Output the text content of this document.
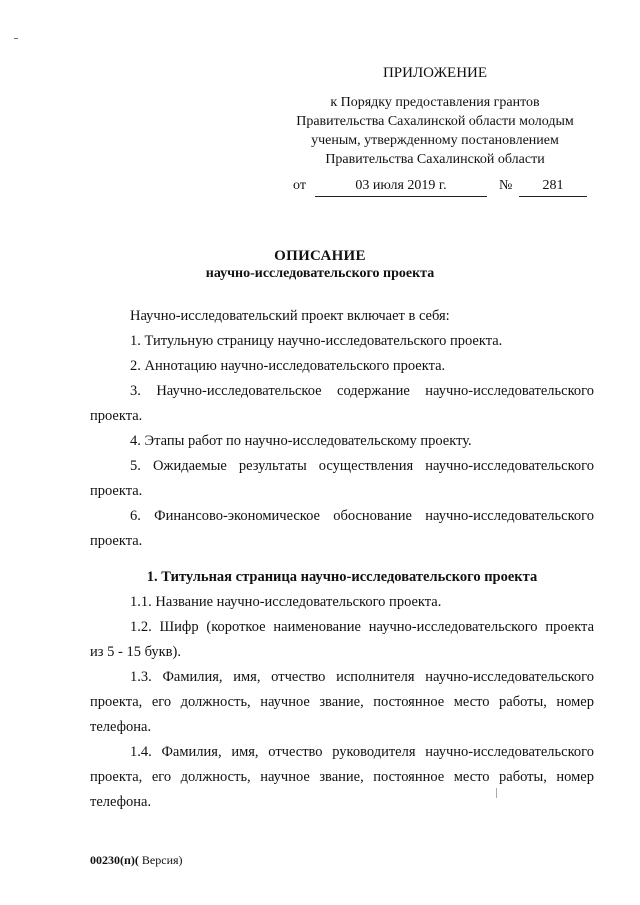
ПРИЛОЖЕНИЕ
к Порядку предоставления грантов
Правительства Сахалинской области молодым
ученым, утвержденному постановлением
Правительства Сахалинской области
от	03 июля 2019 г.	№	281
ОПИСАНИЕ
научно-исследовательского проекта
Научно-исследовательский проект включает в себя:
1. Титульную страницу научно-исследовательского проекта.
2. Аннотацию научно-исследовательского проекта.
3. Научно-исследовательское содержание научно-исследовательского
проекта.
4. Этапы работ по научно-исследовательскому проекту.
5. Ожидаемые результаты осуществления научно-исследовательского
проекта.
6. Финансово-экономическое обоснование научно-исследовательского
проекта.
1. Титульная страница научно-исследовательского проекта
1.1. Название научно-исследовательского проекта.
1.2. Шифр (короткое наименование научно-исследовательского проекта
из 5 - 15 букв).
1.3. Фамилия, имя, отчество исполнителя научно-исследовательского
проекта, его должность, научное звание, постоянное место работы, номер
телефона.
1.4. Фамилия, имя, отчество руководителя научно-исследовательского
проекта, его должность, научное звание, постоянное место работы, номер
телефона.
00230(п)( Версия)
